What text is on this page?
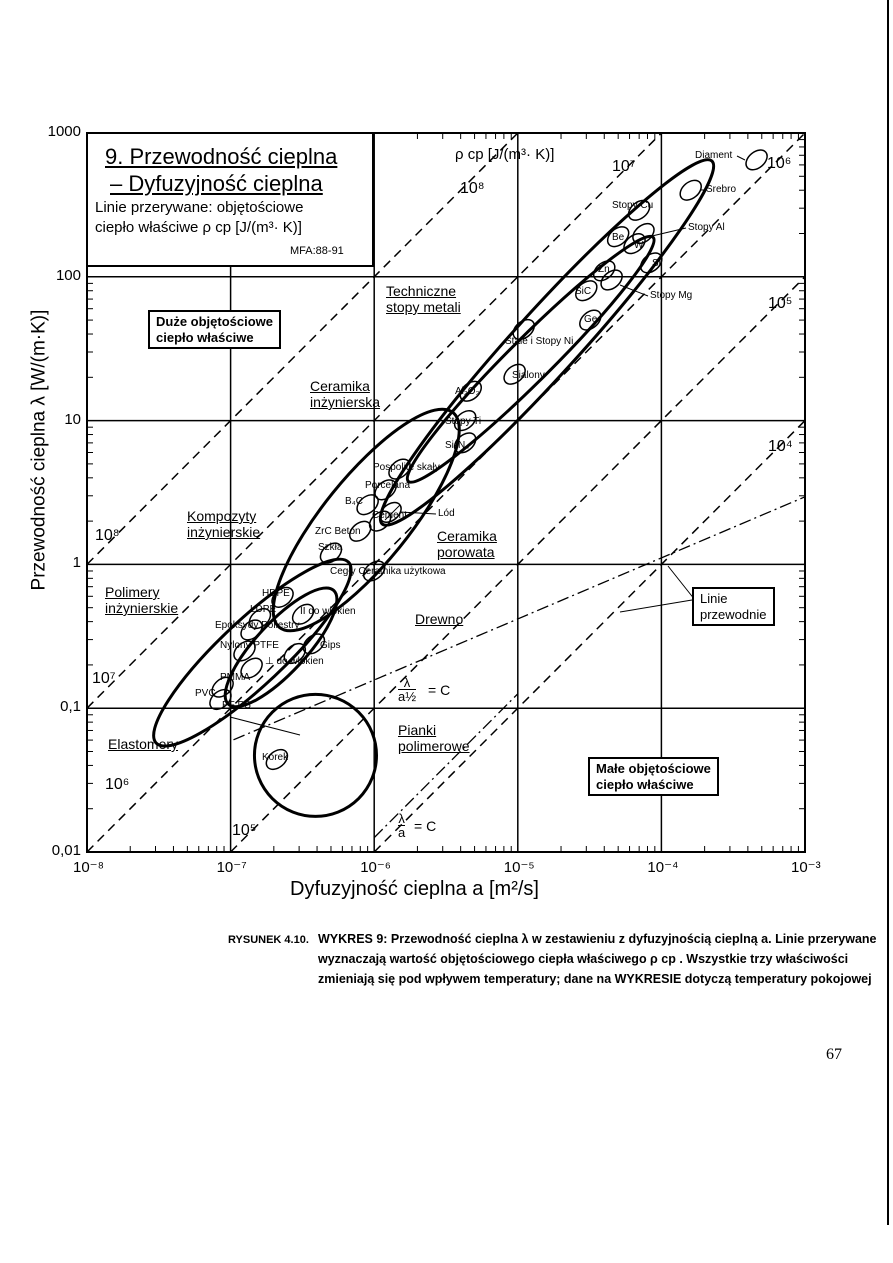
9. Przewodność cieplna
– Dyfuzyjność cieplna
Linie przerywane: objętościowe
ciepło właściwe ρ cp [J/(m³· K)]
MFA:88-91
ρ cp [J/(m³· K)]
Przewodność cieplna λ [W/(m·K)]
Dyfuzyjność cieplna a [m²/s]
10⁻⁸	10⁻⁷	10⁻⁶	10⁻⁵	10⁻⁴	10⁻³
1000
100
10
1
0,1
0,01
10⁸
10⁸
10⁷
10⁷
10⁶
10⁶
10⁵
10⁵
10⁴
Diament
Srebro
Stopy Cu
Stopy Al
Be
W
Si
Zn
Stopy Mg
SiC
Ge
Stale i Stopy Ni
Sialony
Al₂O₃
Stopy Ti
Si₃N₄
Pospolite skały
Porcelana
B₄C
Lód
Cement
ZrC Beton
Szkła
Cegły Ceramika użytkowa
HDPE
LDPE II do włókien
Epoksydy Poliestry
Nylony PTFE
⊥ do włókien
Gips
PMMA
PVC
PF PS
Korek
Duże objętościowe
ciepło właściwe
Małe objętościowe
ciepło właściwe
Linie
przewodnie
Techniczne
stopy metali
Ceramika
inżynierska
Kompozyty
inżynierskie
Polimery
inżynierskie
Elastomery
Ceramika
porowata
Drewno
Pianki
polimerowe
λ
a½ = C
λ
a = C
RYSUNEK 4.10. WYKRES 9: Przewodność cieplna λ w zestawieniu z dyfuzyjnością cieplną a. Linie przerywane
wyznaczają wartość objętościowego ciepła właściwego ρ cp . Wszystkie trzy właściwości
zmieniają się pod wpływem temperatury; dane na WYKRESIE dotyczą temperatury pokojowej
67
